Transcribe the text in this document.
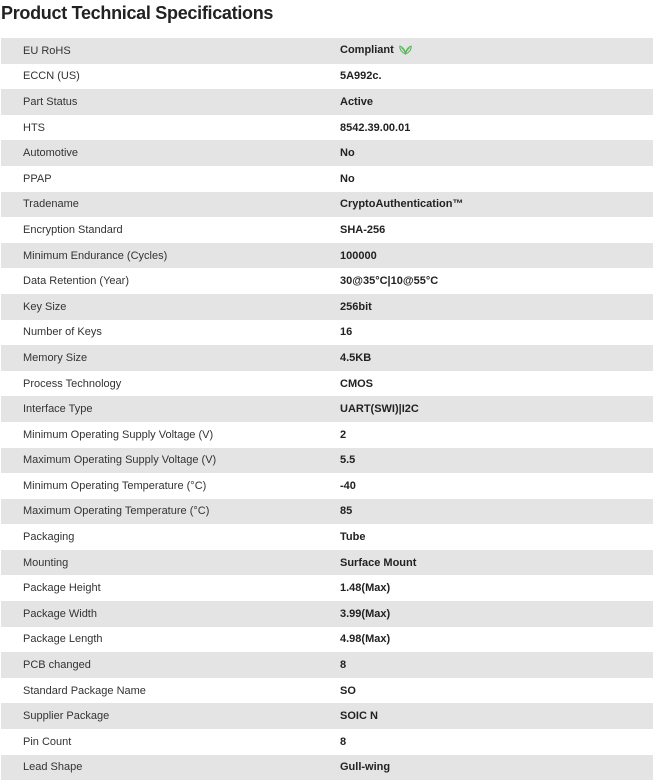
Product Technical Specifications
EU RoHS	Compliant
ECCN (US)	5A992c.
Part Status	Active
HTS	8542.39.00.01
Automotive	No
PPAP	No
Tradename	CryptoAuthentication™
Encryption Standard	SHA-256
Minimum Endurance (Cycles)	100000
Data Retention (Year)	30@35°C|10@55°C
Key Size	256bit
Number of Keys	16
Memory Size	4.5KB
Process Technology	CMOS
Interface Type	UART(SWI)|I2C
Minimum Operating Supply Voltage (V)	2
Maximum Operating Supply Voltage (V)	5.5
Minimum Operating Temperature (°C)	-40
Maximum Operating Temperature (°C)	85
Packaging	Tube
Mounting	Surface Mount
Package Height	1.48(Max)
Package Width	3.99(Max)
Package Length	4.98(Max)
PCB changed	8
Standard Package Name	SO
Supplier Package	SOIC N
Pin Count	8
Lead Shape	Gull-wing
